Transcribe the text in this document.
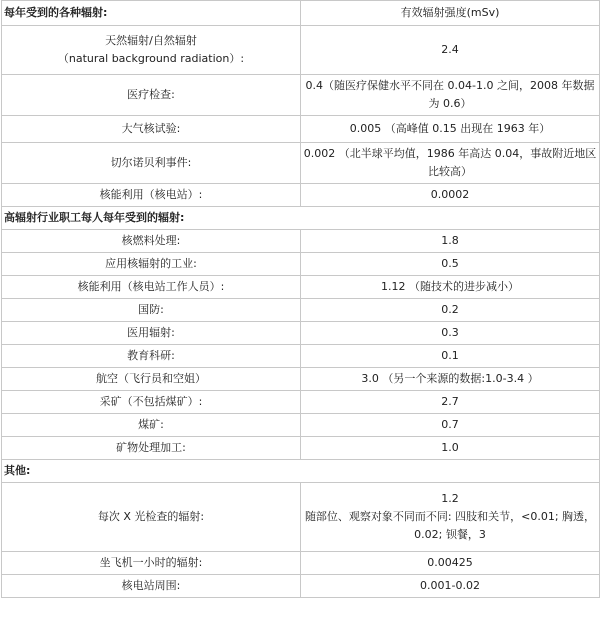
每年受到的各种辐射:	有效辐射强度(mSv)

天然辐射/自然辐射
（natural background radiation）:	2.4
医疗检查:	0.4（随医疗保健水平不同在 0.04-1.0 之间，2008 年数据为 0.6）
大气核试验:	0.005 （高峰值 0.15 出现在 1963 年）
切尔诺贝利事件:	0.002 （北半球平均值，1986 年高达 0.04，事故附近地区比较高）
核能利用（核电站）:	0.0002
高辐射行业职工每人每年受到的辐射:	
核燃料处理:	1.8
应用核辐射的工业:	0.5
核能利用（核电站工作人员）:	1.12 （随技术的进步减小）
国防:	0.2
医用辐射:	0.3
教育科研:	0.1
航空（飞行员和空姐）	3.0 （另一个来源的数据:1.0-3.4 ）
采矿（不包括煤矿）:	2.7
煤矿:	0.7
矿物处理加工:	1.0
其他:	
每次 X 光检查的辐射:	1.2
随部位、观察对象不同而不同: 四肢和关节，<0.01; 胸透，0.02; 钡餐，3

坐飞机一小时的辐射:	0.00425
核电站周围:	0.001-0.02
